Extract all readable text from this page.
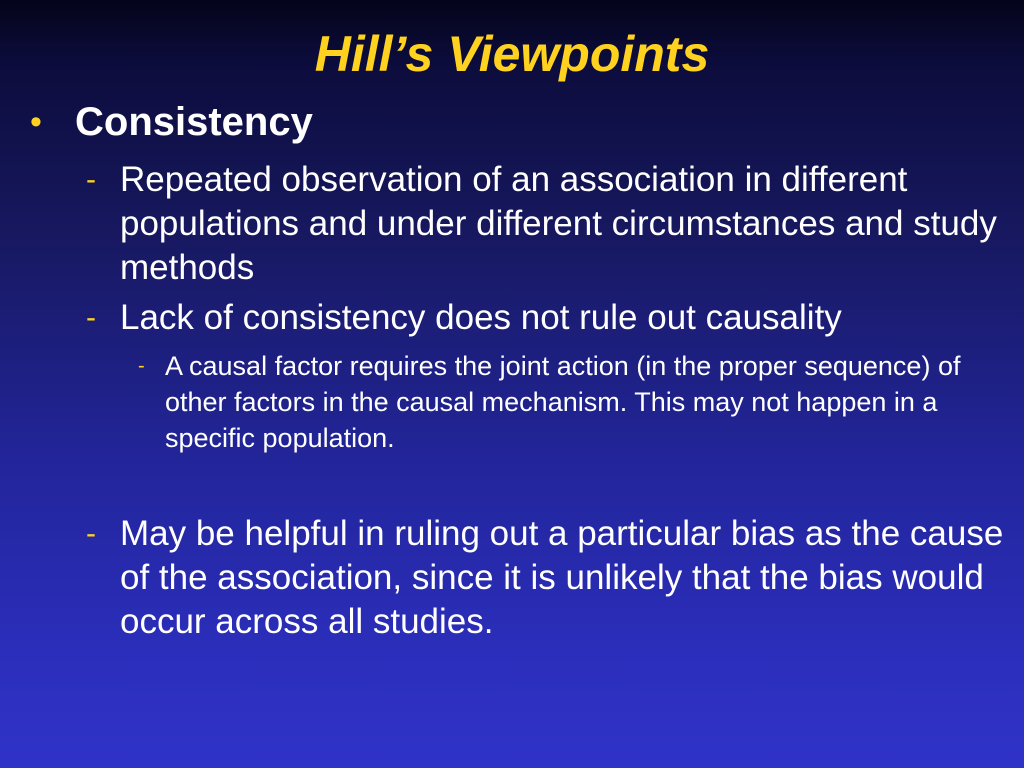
Hill’s Viewpoints
• Consistency
- Repeated observation of an association in different populations and under different circumstances and study methods
- Lack of consistency does not rule out causality
- A causal factor requires the joint action (in the proper sequence) of other factors in the causal mechanism. This may not happen in a specific population.
- May be helpful in ruling out a particular bias as the cause of the association, since it is unlikely that the bias would occur across all studies.
